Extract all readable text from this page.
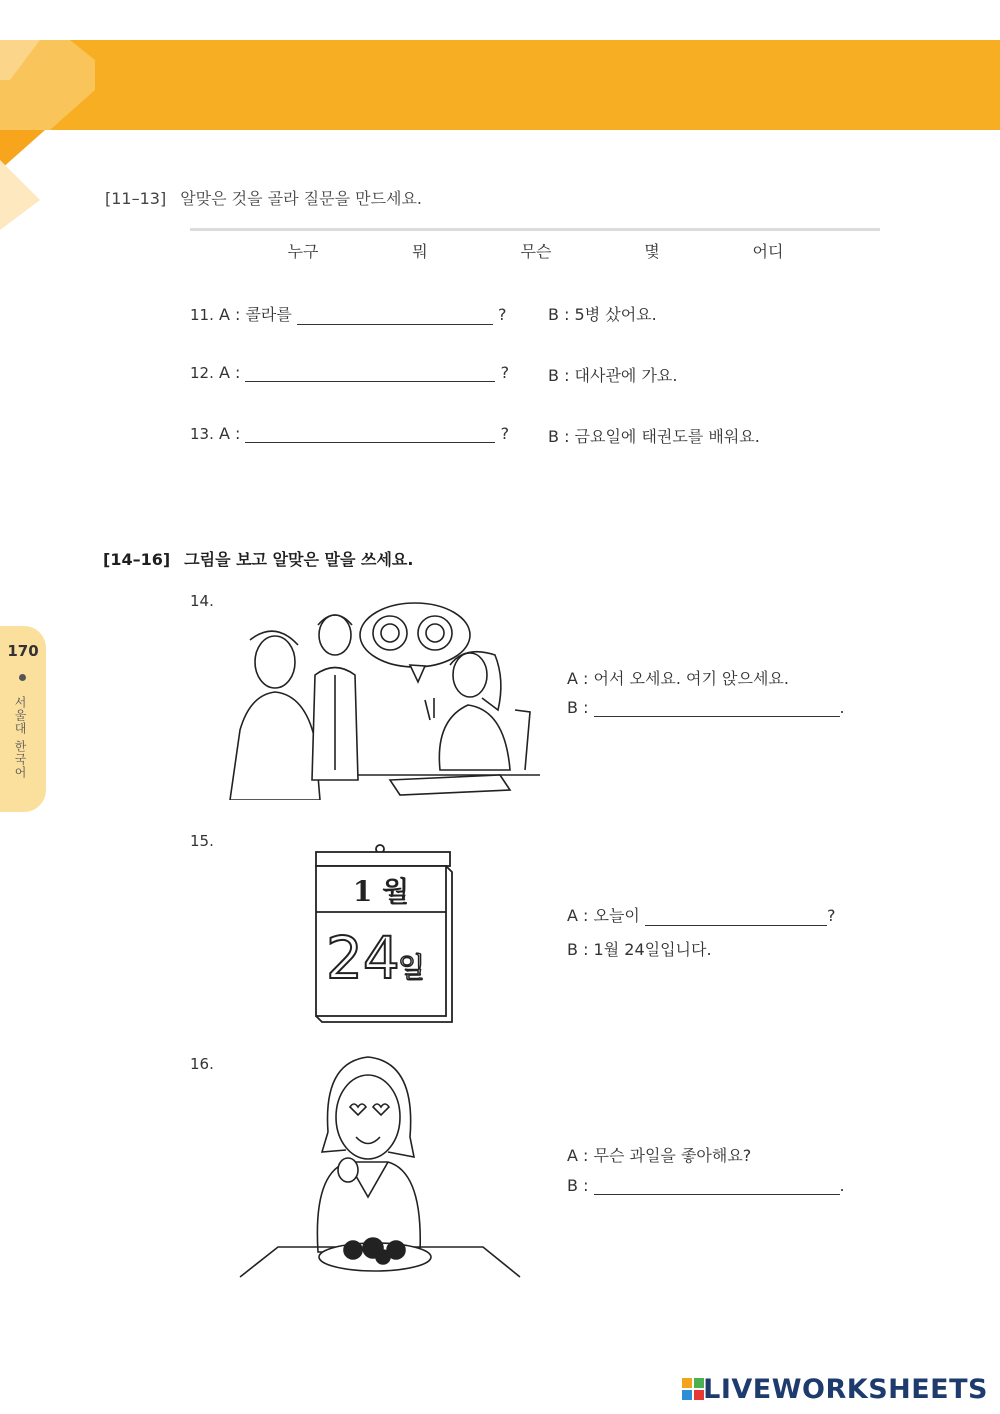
[11–13] 알맞은 것을 골라 질문을 만드세요.
누구	뭐	무슨	몇	어디
11. A : 콜라를	?	B : 5병 샀어요.
12. A :	? B : 대사관에 가요.
13. A :	? B : 금요일에 태권도를 배워요.
[14–16] 그림을 보고 알맞은 말을 쓰세요.
14.
A : 어서 오세요. 여기 앉으세요.
B :	.
15.
1 월
24
일
A : 오늘이	?
B : 1월 24일입니다.
16.
A : 무슨 과일을 좋아해요?
B :	.
170
서울대 한국어
LIVEWORKSHEETS
